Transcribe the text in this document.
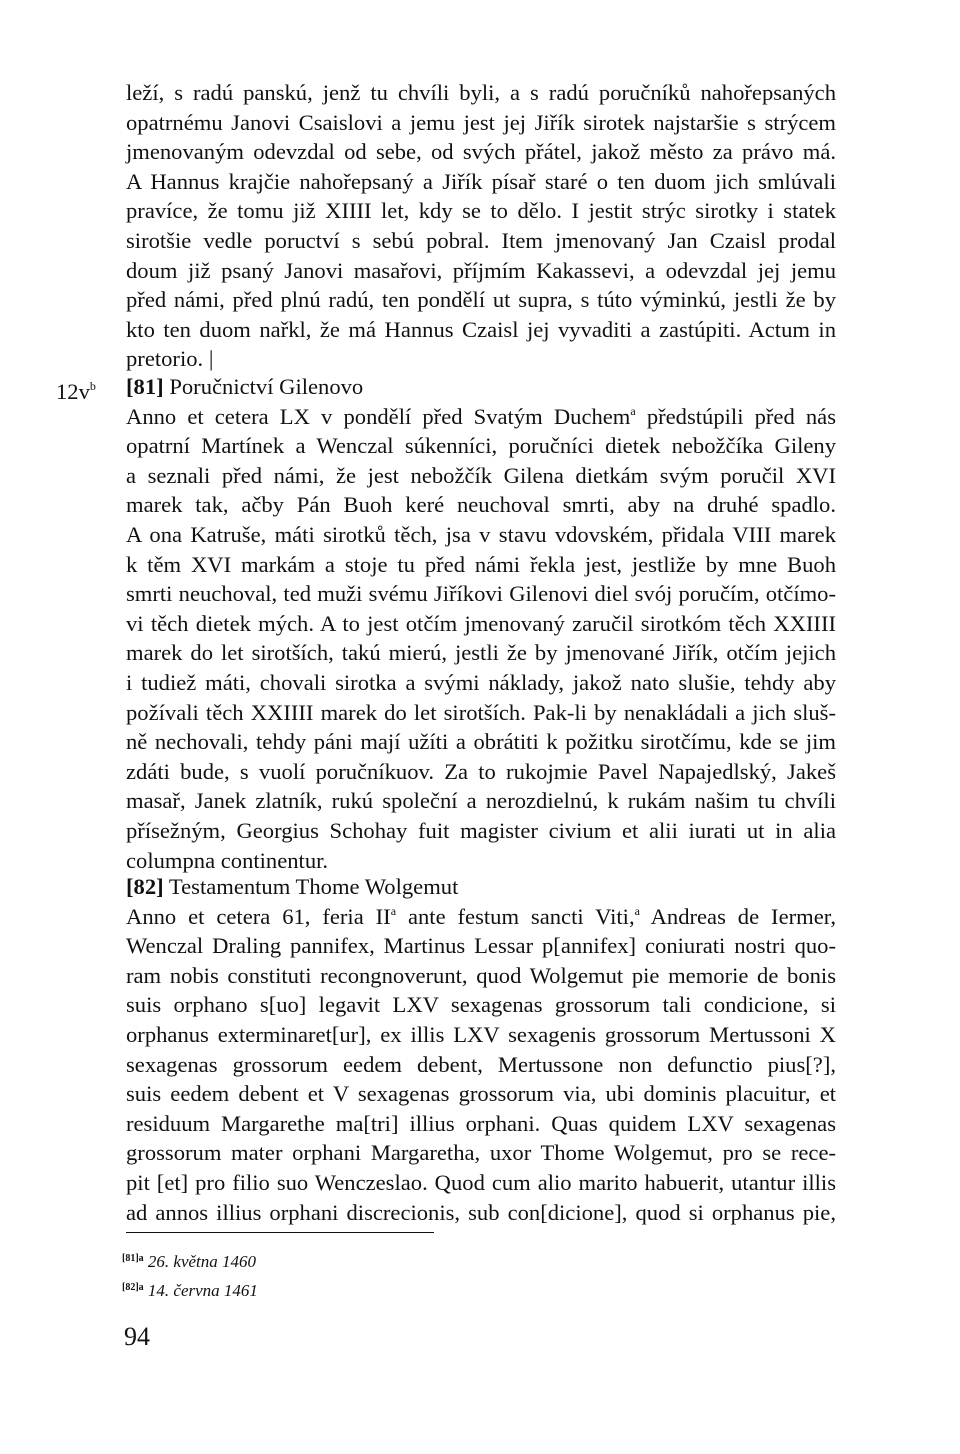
$12v^b$
leží, s radú panskú, jenž tu chvíli byli, a s radú poručníků nahořepsaných
opatrnému Janovi Csaislovi a jemu jest jej Jiřík sirotek najstaršie s strýcem
jmenovaným odevzdal od sebe, od svých přátel, jakož město za právo má.
A Hannus krajčie nahořepsaný a Jiřík písař staré o ten duom jich smlúvali
pravíce, že tomu již XIIII let, kdy se to dělo. I jestit strýc sirotky i statek
sirotšie vedle poructví s sebú pobral. Item jmenovaný Jan Czaisl prodal
doum již psaný Janovi masařovi, příjmím Kakassevi, a odevzdal jej jemu
před námi, před plnú radú, ten pondělí ut supra, s túto výminkú, jestli že by
kto ten duom nařkl, že má Hannus Czaisl jej vyvaditi a zastúpiti. Actum in
pretorio. |
[81] Poručnictví Gilenovo
Anno et cetera LX v pondělí před Svatým Duchem$^a$ předstúpili před nás
opatrní Martínek a Wenczal súkenníci, poručníci dietek nebožčíka Gileny
a seznali před námi, že jest nebožčík Gilena dietkám svým poručil XVI
marek tak, ačby Pán Buoh keré neuchoval smrti, aby na druhé spadlo.
A ona Katruše, máti sirotků těch, jsa v stavu vdovském, přidala VIII marek
k těm XVI markám a stoje tu před námi řekla jest, jestliže by mne Buoh
smrti neuchoval, ted muži svému Jiříkovi Gilenovi diel svój poručím, otčímo-
vi těch dietek mých. A to jest otčím jmenovaný zaručil sirotkóm těch XXIIII
marek do let sirotších, takú mierú, jestli že by jmenované Jiřík, otčím jejich
i tudiež máti, chovali sirotka a svými náklady, jakož nato slušie, tehdy aby
požívali těch XXIIII marek do let sirotších. Pak-li by nenakládali a jich sluš-
ně nechovali, tehdy páni mají užíti a obrátiti k požitku sirotčímu, kde se jim
zdáti bude, s vuolí poručníkuov. Za to rukojmie Pavel Napajedlský, Jakeš
masař, Janek zlatník, rukú společní a nerozdielnú, k rukám našim tu chvíli
přísežným, Georgius Schohay fuit magister civium et alii iurati ut in alia
columpna continentur.
[82] Testamentum Thome Wolgemut
Anno et cetera 61, feria II$^a$ ante festum sancti Viti,$^a$ Andreas de Iermer,
Wenczal Draling pannifex, Martinus Lessar p[annifex] coniurati nostri quo-
ram nobis constituti recongnoverunt, quod Wolgemut pie memorie de bonis
suis orphano s[uo] legavit LXV sexagenas grossorum tali condicione, si
orphanus exterminaret[ur], ex illis LXV sexagenis grossorum Mertussoni X
sexagenas grossorum eedem debent, Mertussone non defunctio pius[?],
suis eedem debent et V sexagenas grossorum via, ubi dominis placuitur, et
residuum Margarethe ma[tri] illius orphani. Quas quidem LXV sexagenas
grossorum mater orphani Margaretha, uxor Thome Wolgemut, pro se rece-
pit [et] pro filio suo Wenczeslao. Quod cum alio marito habuerit, utantur illis
ad annos illius orphani discrecionis, sub con[dicione], quod si orphanus pie,
$^{[81]a}$ 26. května 1460
$^{[82]a}$ 14. června 1461
94
